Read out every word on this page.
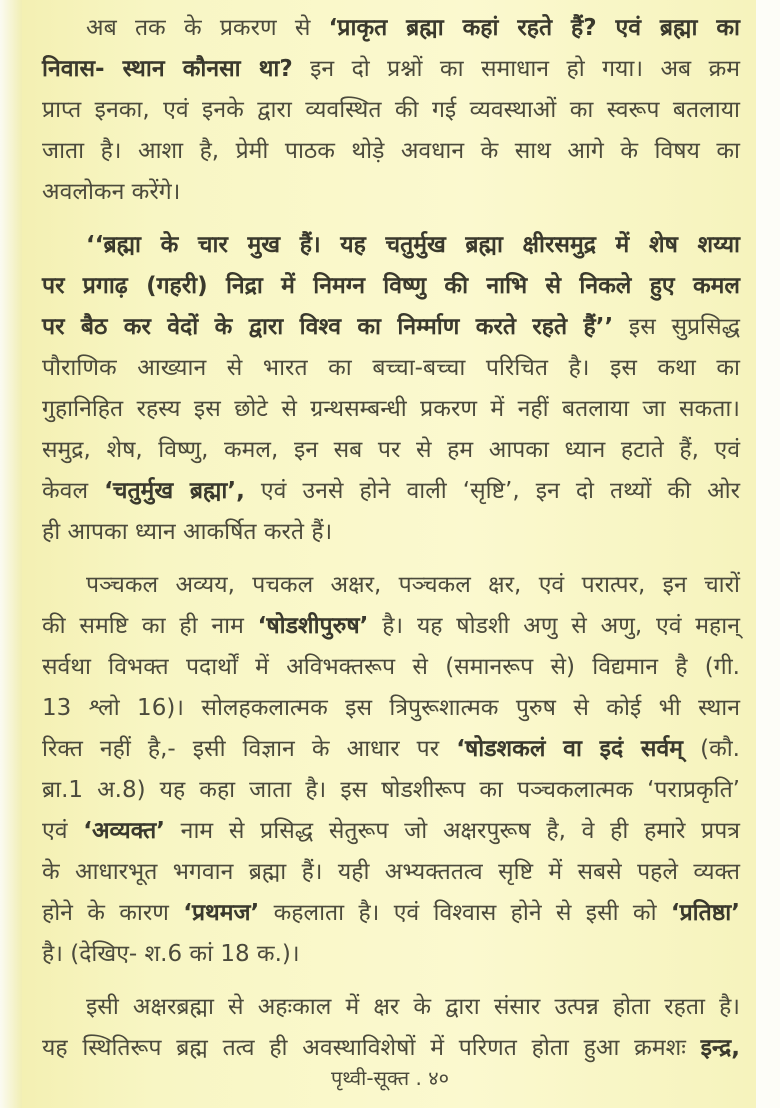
अब तक के प्रकरण से ‘प्राकृत ब्रह्मा कहां रहते हैं? एवं ब्रह्मा का
निवास- स्थान कौनसा था? इन दो प्रश्नों का समाधान हो गया। अब क्रम
प्राप्त इनका, एवं इनके द्वारा व्यवस्थित की गई व्यवस्थाओं का स्वरूप बतलाया
जाता है। आशा है, प्रेमी पाठक थोड़े अवधान के साथ आगे के विषय का
अवलोकन करेंगे।
‘‘ब्रह्मा के चार मुख हैं। यह चतुर्मुख ब्रह्मा क्षीरसमुद्र में शेष शय्या
पर प्रगाढ़ (गहरी) निद्रा में निमग्न विष्णु की नाभि से निकले हुए कमल
पर बैठ कर वेदों के द्वारा विश्व का निर्म्माण करते रहते हैं’’ इस सुप्रसिद्ध
पौराणिक आख्यान से भारत का बच्चा-बच्चा परिचित है। इस कथा का
गुहानिहित रहस्य इस छोटे से ग्रन्थसम्बन्धी प्रकरण में नहीं बतलाया जा सकता।
समुद्र, शेष, विष्णु, कमल, इन सब पर से हम आपका ध्यान हटाते हैं, एवं
केवल ‘चतुर्मुख ब्रह्मा’, एवं उनसे होने वाली ‘सृष्टि’, इन दो तथ्यों की ओर
ही आपका ध्यान आकर्षित करते हैं।
पञ्चकल अव्यय, पचकल अक्षर, पञ्चकल क्षर, एवं परात्पर, इन चारों
की समष्टि का ही नाम ‘षोडशीपुरुष’ है। यह षोडशी अणु से अणु, एवं महान्
सर्वथा विभक्त पदार्थों में अविभक्तरूप से (समानरूप से) विद्यमान है (गी.
13 श्लो 16)। सोलहकलात्मक इस त्रिपुरूशात्मक पुरुष से कोई भी स्थान
रिक्त नहीं है,- इसी विज्ञान के आधार पर ‘षोडशकलं वा इदं सर्वम् (कौ.
ब्रा.1 अ.8) यह कहा जाता है। इस षोडशीरूप का पञ्चकलात्मक ‘पराप्रकृति’
एवं ‘अव्यक्त’ नाम से प्रसिद्ध सेतुरूप जो अक्षरपुरूष है, वे ही हमारे प्रपत्र
के आधारभूत भगवान ब्रह्मा हैं। यही अभ्यक्ततत्व सृष्टि में सबसे पहले व्यक्त
होने के कारण ‘प्रथमज’ कहलाता है। एवं विश्वास होने से इसी को ‘प्रतिष्ठा’
है। (देखिए- श.6 कां 18 क.)।
इसी अक्षरब्रह्मा से अहःकाल में क्षर के द्वारा संसार उत्पन्न होता रहता है।
यह स्थितिरूप ब्रह्म तत्व ही अवस्थाविशेषों में परिणत होता हुआ क्रमशः इन्द्र,
पृथ्वी-सूक्त . ४०
